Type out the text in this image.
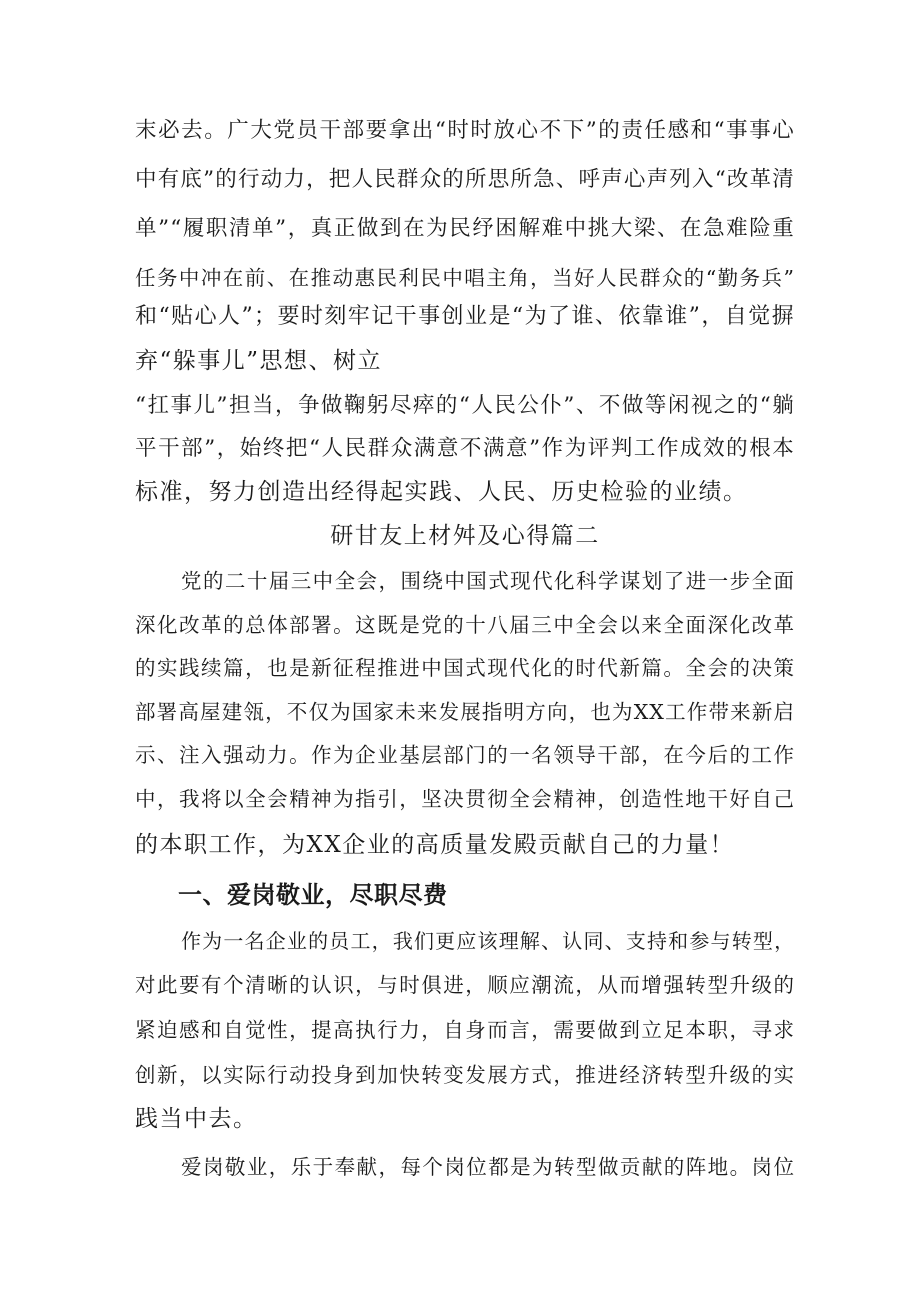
末必去。广大党员干部要拿出“时时放心不下”的责任感和“事事心
中有底”的行动力，把人民群众的所思所急、呼声心声列入“改革清
单”“履职清单”，真正做到在为民纾困解难中挑大梁、在急难险重
任务中冲在前、在推动惠民利民中唱主角，当好人民群众的“勤务兵”
和“贴心人”；要时刻牢记干事创业是“为了谁、依靠谁”，自觉摒
弃“躲事儿”思想、树立
“扛事儿”担当，争做鞠躬尽瘁的“人民公仆”、不做等闲视之的“躺
平干部”，始终把“人民群众满意不满意”作为评判工作成效的根本
标准，努力创造出经得起实践、人民、历史检验的业绩。
研甘友上材舛及心得篇二
党的二十届三中全会，围绕中国式现代化科学谋划了进一步全面
深化改革的总体部署。这既是党的十八届三中全会以来全面深化改革
的实践续篇，也是新征程推进中国式现代化的时代新篇。全会的决策
部署高屋建瓴，不仅为国家未来发展指明方向，也为XX工作带来新启
示、注入强动力。作为企业基层部门的一名领导干部，在今后的工作
中，我将以全会精神为指引，坚决贯彻全会精神，创造性地干好自己
的本职工作，为XX企业的高质量发殿贡献自己的力量！
一、爱岗敬业，尽职尽费
作为一名企业的员工，我们更应该理解、认同、支持和参与转型，
对此要有个清晰的认识，与时俱进，顺应潮流，从而增强转型升级的
紧迫感和自觉性，提高执行力，自身而言，需要做到立足本职，寻求
创新，以实际行动投身到加快转变发展方式，推进经济转型升级的实
践当中去。
爱岗敬业，乐于奉献，每个岗位都是为转型做贡献的阵地。岗位
